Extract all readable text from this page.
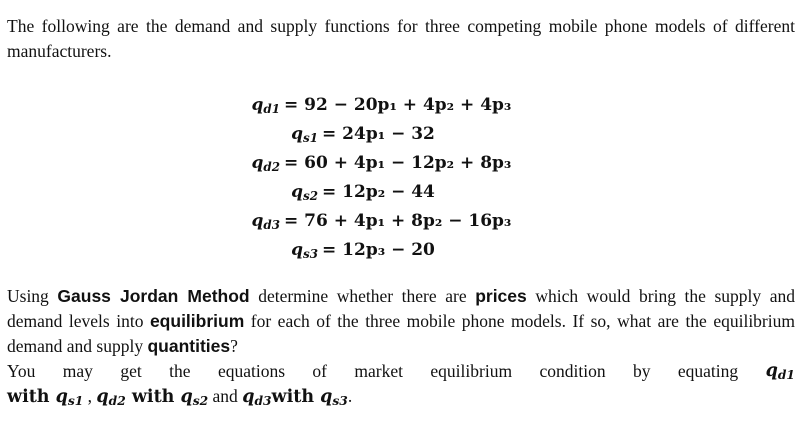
The following are the demand and supply functions for three competing mobile phone models of different manufacturers.
$q_{d1} = 92 - 20p_1 + 4p_2 + 4p_3$
$q_{s1} = 24p_1 - 32$
$q_{d2} = 60 + 4p_1 - 12p_2 + 8p_3$
$q_{s2} = 12p_2 - 44$
$q_{d3} = 76 + 4p_1 + 8p_2 - 16p_3$
$q_{s3} = 12p_3 - 20$
Using Gauss Jordan Method determine whether there are prices which would bring the supply and demand levels into equilibrium for each of the three mobile phone models. If so, what are the equilibrium demand and supply quantities?
You may get the equations of market equilibrium condition by equating $q_{d1}$
with $q_{s1}$ , $q_{d2}$ with $q_{s2}$ and $q_{d3}with$ $q_{s3}$.
